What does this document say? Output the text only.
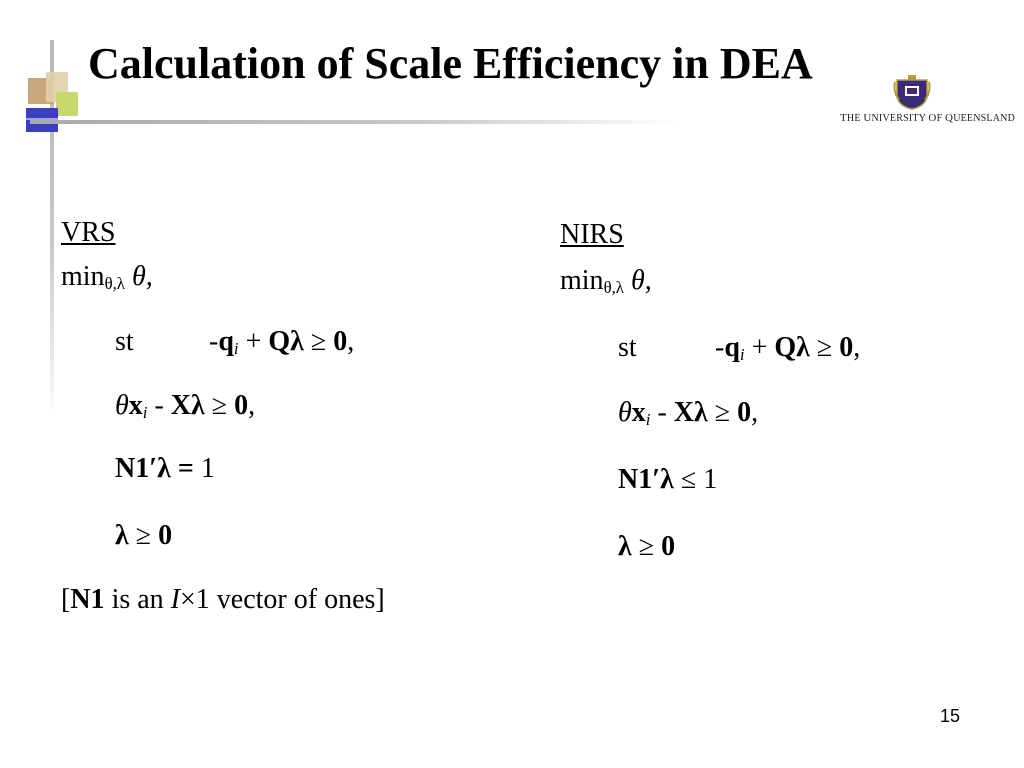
Calculation of Scale Efficiency in DEA
THE UNIVERSITY OF QUEENSLAND
VRS
$\min_{\theta,\lambda} \theta$,
st	$-q_i + Q\lambda \ge 0$,
$\theta x_i - X\lambda \ge 0$,
N1′λ = 1
λ ≥ 0
[N1 is an I×1 vector of ones]
NIRS
$\min_{\theta,\lambda} \theta$,
st	$-q_i + Q\lambda \ge 0$,
$\theta x_i - X\lambda \ge 0$,
N1′λ ≤ 1
λ ≥ 0
15
